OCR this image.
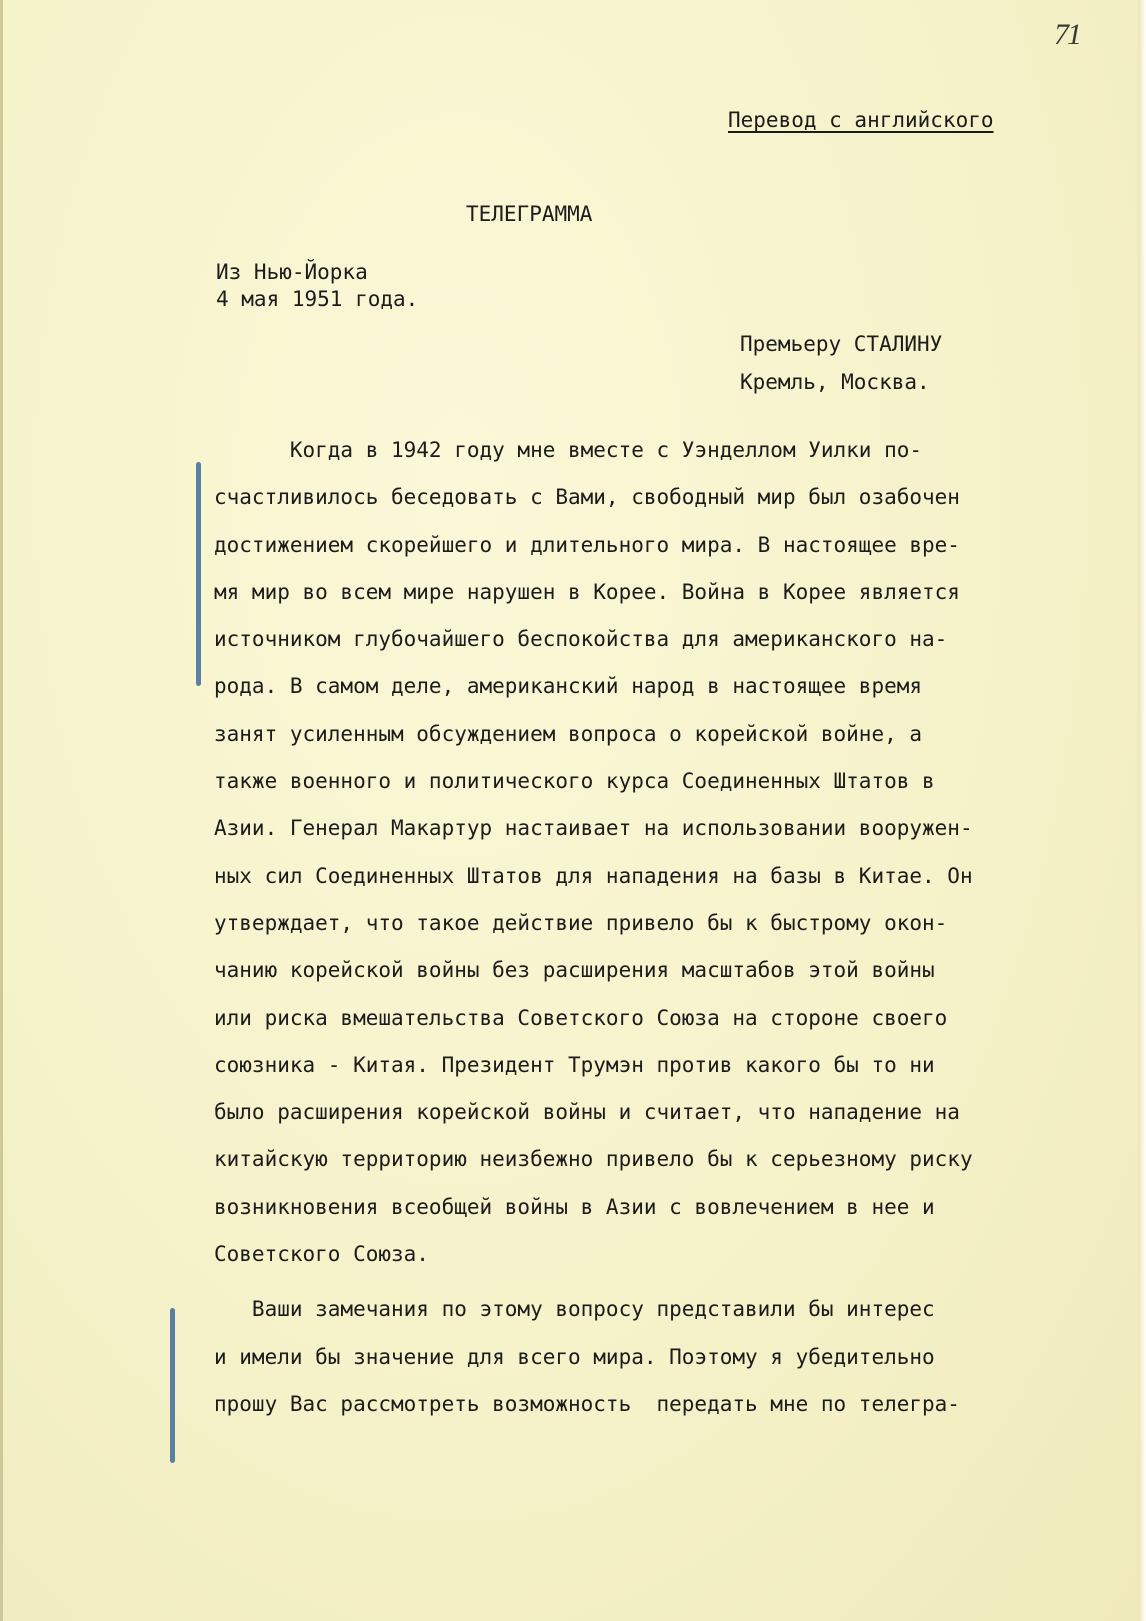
71
Перевод с английского
ТЕЛЕГРАММА
Из Нью-Йорка
4 мая 1951 года.
Премьеру СТАЛИНУ
Кремль, Москва.
Когда в 1942 году мне вместе с Уэнделлом Уилки по-
счастливилось беседовать с Вами, свободный мир был озабочен
достижением скорейшего и длительного мира. В настоящее вре-
мя мир во всем мире нарушен в Корее. Война в Корее является
источником глубочайшего беспокойства для американского на-
рода. В самом деле, американский народ в настоящее время
занят усиленным обсуждением вопроса о корейской войне, а
также военного и политического курса Соединенных Штатов в
Азии. Генерал Макартур настаивает на использовании вооружен-
ных сил Соединенных Штатов для нападения на базы в Китае. Он
утверждает, что такое действие привело бы к быстрому окон-
чанию корейской войны без расширения масштабов этой войны
или риска вмешательства Советского Союза на стороне своего
союзника - Китая. Президент Трумэн против какого бы то ни
было расширения корейской войны и считает, что нападение на
китайскую территорию неизбежно привело бы к серьезному риску
возникновения всеобщей войны в Азии с вовлечением в нее и
Советского Союза.
Ваши замечания по этому вопросу представили бы интерес
и имели бы значение для всего мира. Поэтому я убедительно
прошу Вас рассмотреть возможность  передать мне по телегра-
